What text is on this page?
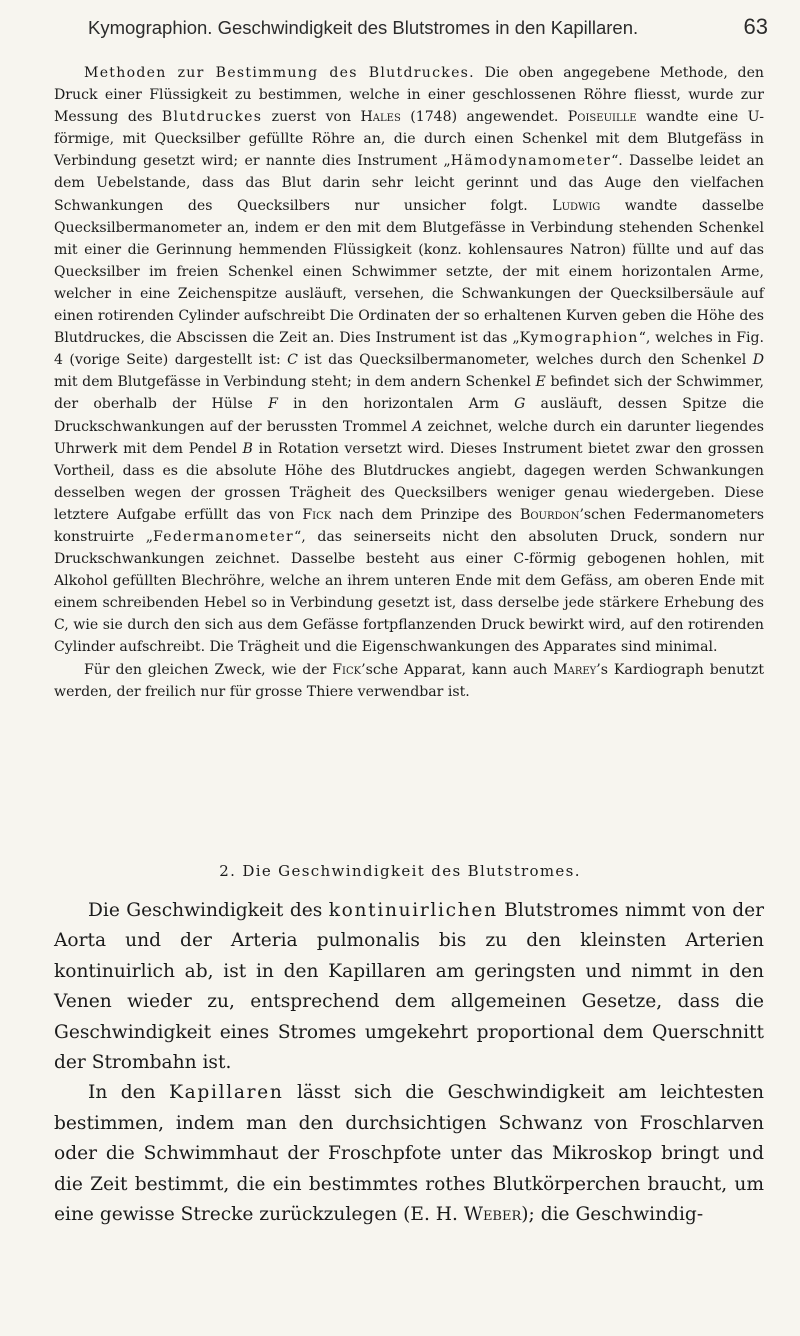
Kymographion. Geschwindigkeit des Blutstromes in den Kapillaren.	63

Methoden zur Bestimmung des Blutdruckes. Die oben angegebene Methode, den Druck einer Flüssigkeit zu bestimmen, welche in einer geschlossenen Röhre fliesst, wurde zur Messung des Blutdruckes zuerst von Hales (1748) angewendet. Poiseuille wandte eine U-förmige, mit Quecksilber gefüllte Röhre an, die durch einen Schenkel mit dem Blutgefäss in Verbindung gesetzt wird; er nannte dies Instrument „Hämodynamometer“. Dasselbe leidet an dem Uebelstande, dass das Blut darin sehr leicht gerinnt und das Auge den vielfachen Schwankungen des Quecksilbers nur unsicher folgt. Ludwig wandte dasselbe Quecksilbermanometer an, indem er den mit dem Blutgefässe in Verbindung stehenden Schenkel mit einer die Gerinnung hemmenden Flüssigkeit (konz. kohlensaures Natron) füllte und auf das Quecksilber im freien Schenkel einen Schwimmer setzte, der mit einem horizontalen Arme, welcher in eine Zeichenspitze ausläuft, versehen, die Schwankungen der Quecksilbersäule auf einen rotirenden Cylinder aufschreibt Die Ordinaten der so erhaltenen Kurven geben die Höhe des Blutdruckes, die Abscissen die Zeit an. Dies Instrument ist das „Kymographion“, welches in Fig. 4 (vorige Seite) dargestellt ist: C ist das Quecksilbermanometer, welches durch den Schenkel D mit dem Blutgefässe in Verbindung steht; in dem andern Schenkel E befindet sich der Schwimmer, der oberhalb der Hülse F in den horizontalen Arm G ausläuft, dessen Spitze die Druckschwankungen auf der berussten Trommel A zeichnet, welche durch ein darunter liegendes Uhrwerk mit dem Pendel B in Rotation versetzt wird. Dieses Instrument bietet zwar den grossen Vortheil, dass es die absolute Höhe des Blutdruckes angiebt, dagegen werden Schwankungen desselben wegen der grossen Trägheit des Quecksilbers weniger genau wiedergeben. Diese letztere Aufgabe erfüllt das von Fick nach dem Prinzipe des Bourdon’schen Federmanometers konstruirte „Federmanometer“, das seinerseits nicht den absoluten Druck, sondern nur Druckschwankungen zeichnet. Dasselbe besteht aus einer C-förmig gebogenen hohlen, mit Alkohol gefüllten Blechröhre, welche an ihrem unteren Ende mit dem Gefäss, am oberen Ende mit einem schreibenden Hebel so in Verbindung gesetzt ist, dass derselbe jede stärkere Erhebung des C, wie sie durch den sich aus dem Gefässe fortpflanzenden Druck bewirkt wird, auf den rotirenden Cylinder aufschreibt. Die Trägheit und die Eigenschwankungen des Apparates sind minimal.

Für den gleichen Zweck, wie der Fick’sche Apparat, kann auch Marey’s Kardiograph benutzt werden, der freilich nur für grosse Thiere verwendbar ist.

2. Die Geschwindigkeit des Blutstromes.

Die Geschwindigkeit des kontinuirlichen Blutstromes nimmt von der Aorta und der Arteria pulmonalis bis zu den kleinsten Arterien kontinuirlich ab, ist in den Kapillaren am geringsten und nimmt in den Venen wieder zu, entsprechend dem allgemeinen Gesetze, dass die Geschwindigkeit eines Stromes umgekehrt proportional dem Querschnitt der Strombahn ist.

In den Kapillaren lässt sich die Geschwindigkeit am leichtesten bestimmen, indem man den durchsichtigen Schwanz von Froschlarven oder die Schwimmhaut der Froschpfote unter das Mikroskop bringt und die Zeit bestimmt, die ein bestimmtes rothes Blutkörperchen braucht, um eine gewisse Strecke zurückzulegen (E. H. Weber); die Geschwindig-
